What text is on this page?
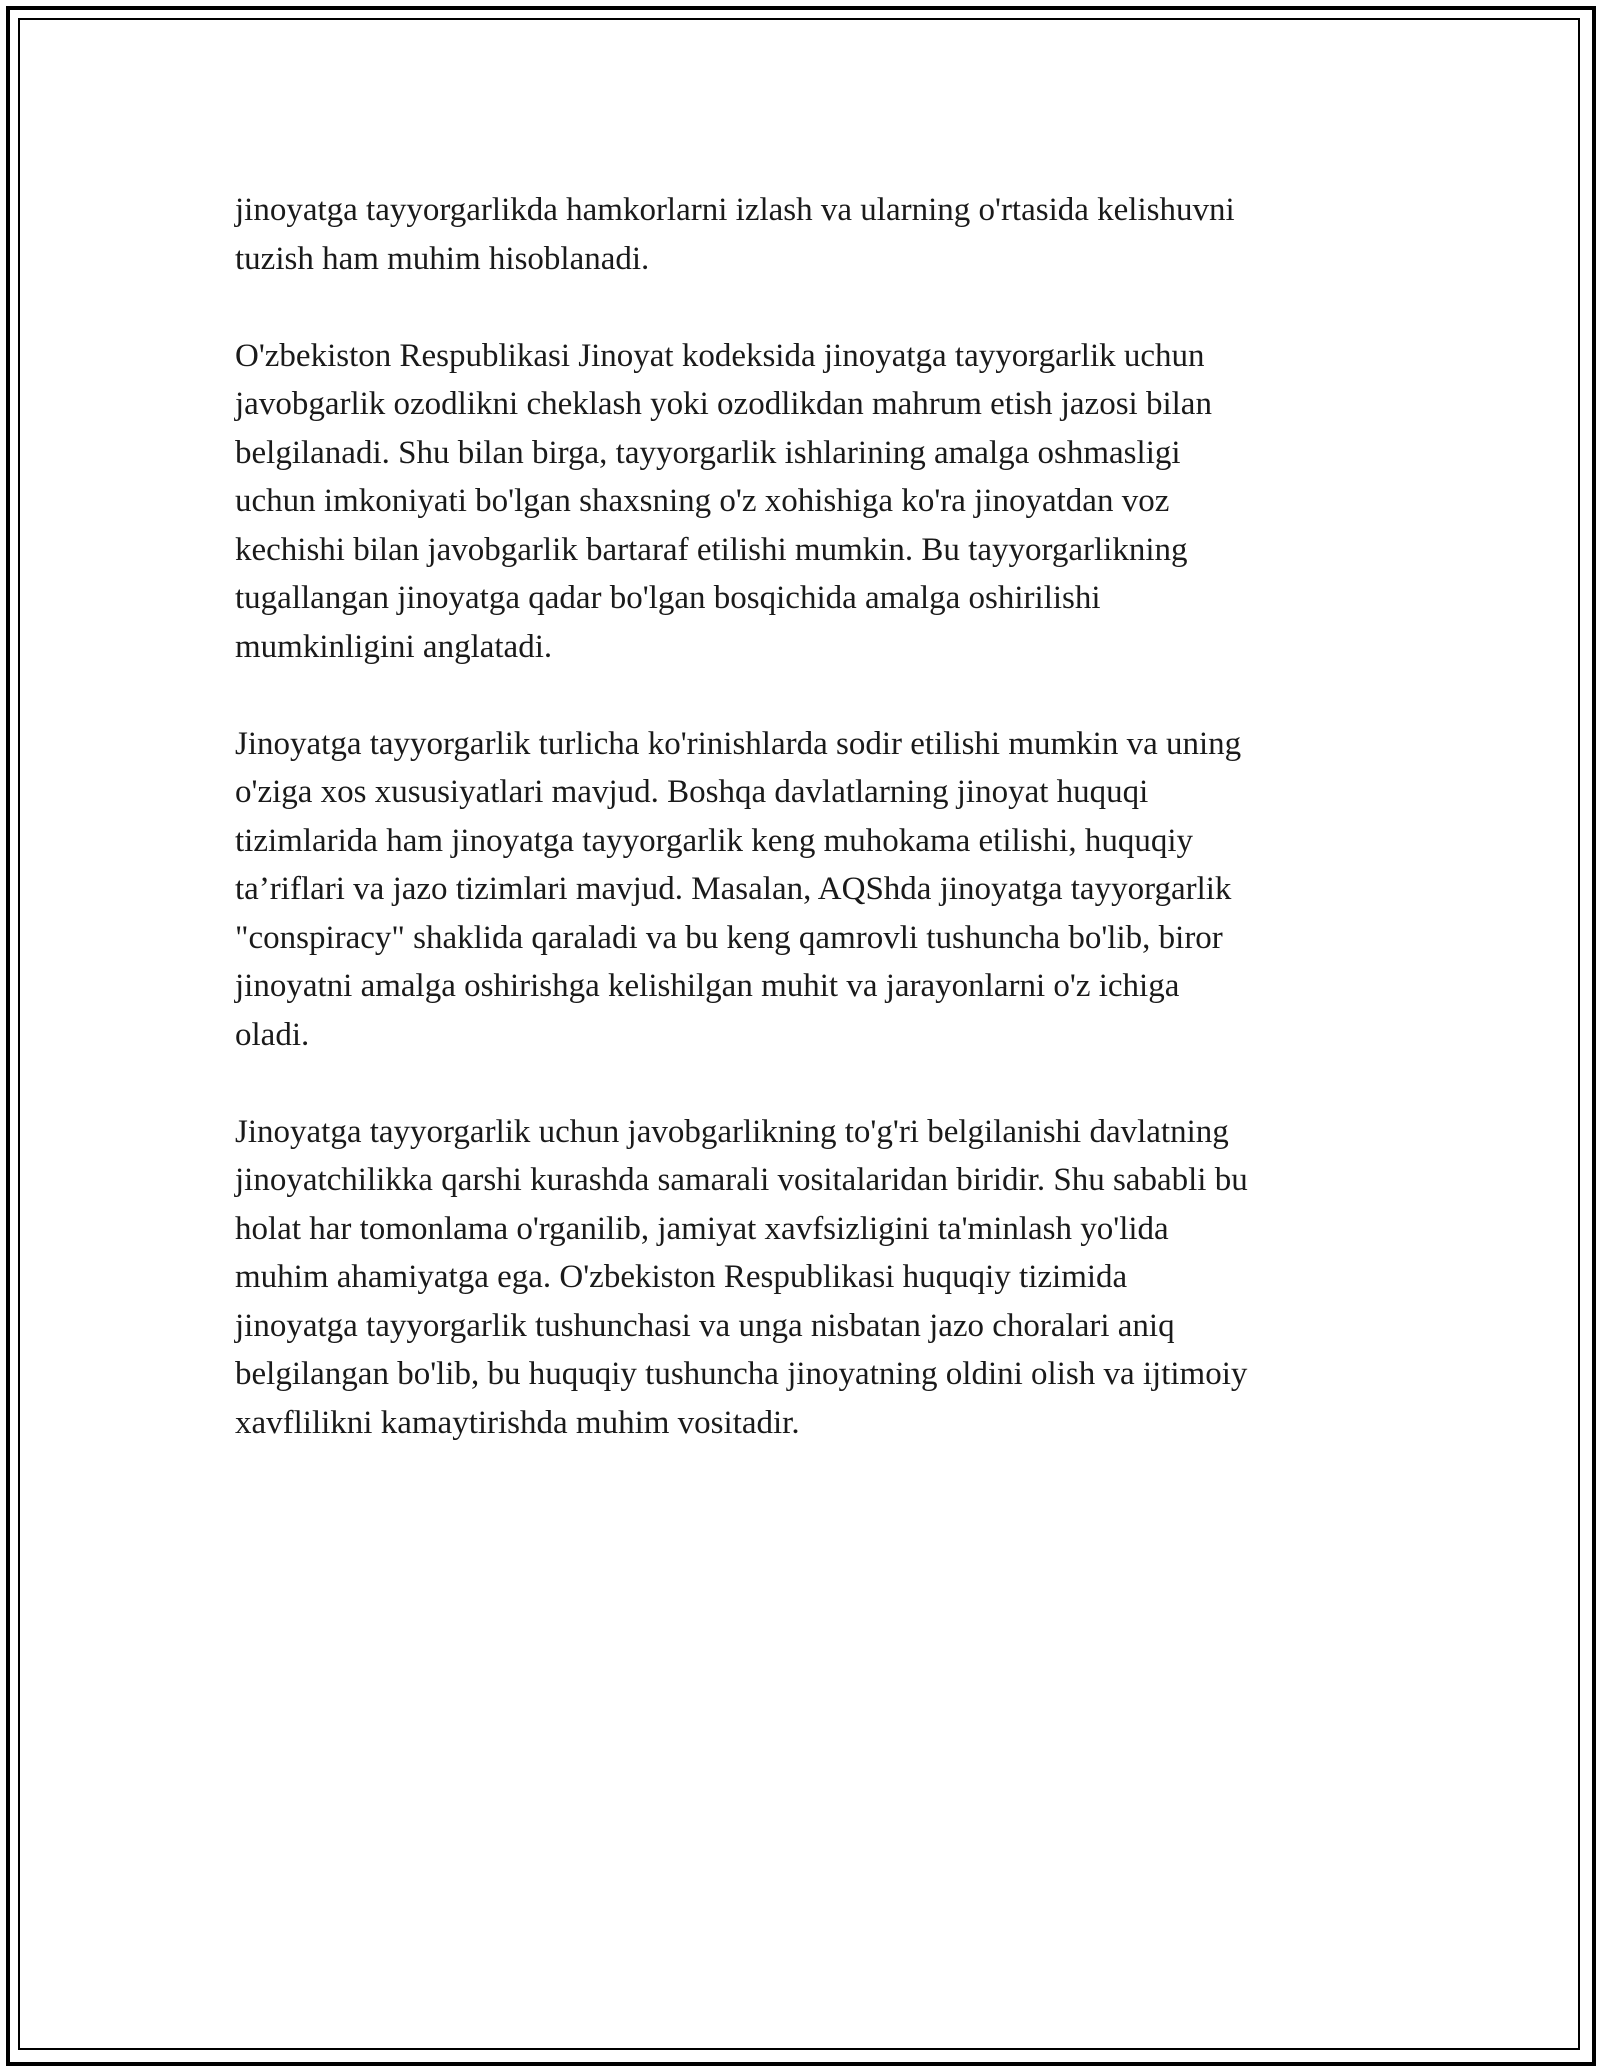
jinoyatga tayyorgarlikda hamkorlarni izlash va ularning o'rtasida kelishuvni
tuzish ham muhim hisoblanadi.

O'zbekiston Respublikasi Jinoyat kodeksida jinoyatga tayyorgarlik uchun
javobgarlik ozodlikni cheklash yoki ozodlikdan mahrum etish jazosi bilan
belgilanadi. Shu bilan birga, tayyorgarlik ishlarining amalga oshmasligi
uchun imkoniyati bo'lgan shaxsning o'z xohishiga ko'ra jinoyatdan voz
kechishi bilan javobgarlik bartaraf etilishi mumkin. Bu tayyorgarlikning
tugallangan jinoyatga qadar bo'lgan bosqichida amalga oshirilishi
mumkinligini anglatadi.

Jinoyatga tayyorgarlik turlicha ko'rinishlarda sodir etilishi mumkin va uning
o'ziga xos xususiyatlari mavjud. Boshqa davlatlarning jinoyat huquqi
tizimlarida ham jinoyatga tayyorgarlik keng muhokama etilishi, huquqiy
ta’riflari va jazo tizimlari mavjud. Masalan, AQShda jinoyatga tayyorgarlik
"conspiracy" shaklida qaraladi va bu keng qamrovli tushuncha bo'lib, biror
jinoyatni amalga oshirishga kelishilgan muhit va jarayonlarni o'z ichiga
oladi.

Jinoyatga tayyorgarlik uchun javobgarlikning to'g'ri belgilanishi davlatning
jinoyatchilikka qarshi kurashda samarali vositalaridan biridir. Shu sababli bu
holat har tomonlama o'rganilib, jamiyat xavfsizligini ta'minlash yo'lida
muhim ahamiyatga ega. O'zbekiston Respublikasi huquqiy tizimida
jinoyatga tayyorgarlik tushunchasi va unga nisbatan jazo choralari aniq
belgilangan bo'lib, bu huquqiy tushuncha jinoyatning oldini olish va ijtimoiy
xavflilikni kamaytirishda muhim vositadir.
